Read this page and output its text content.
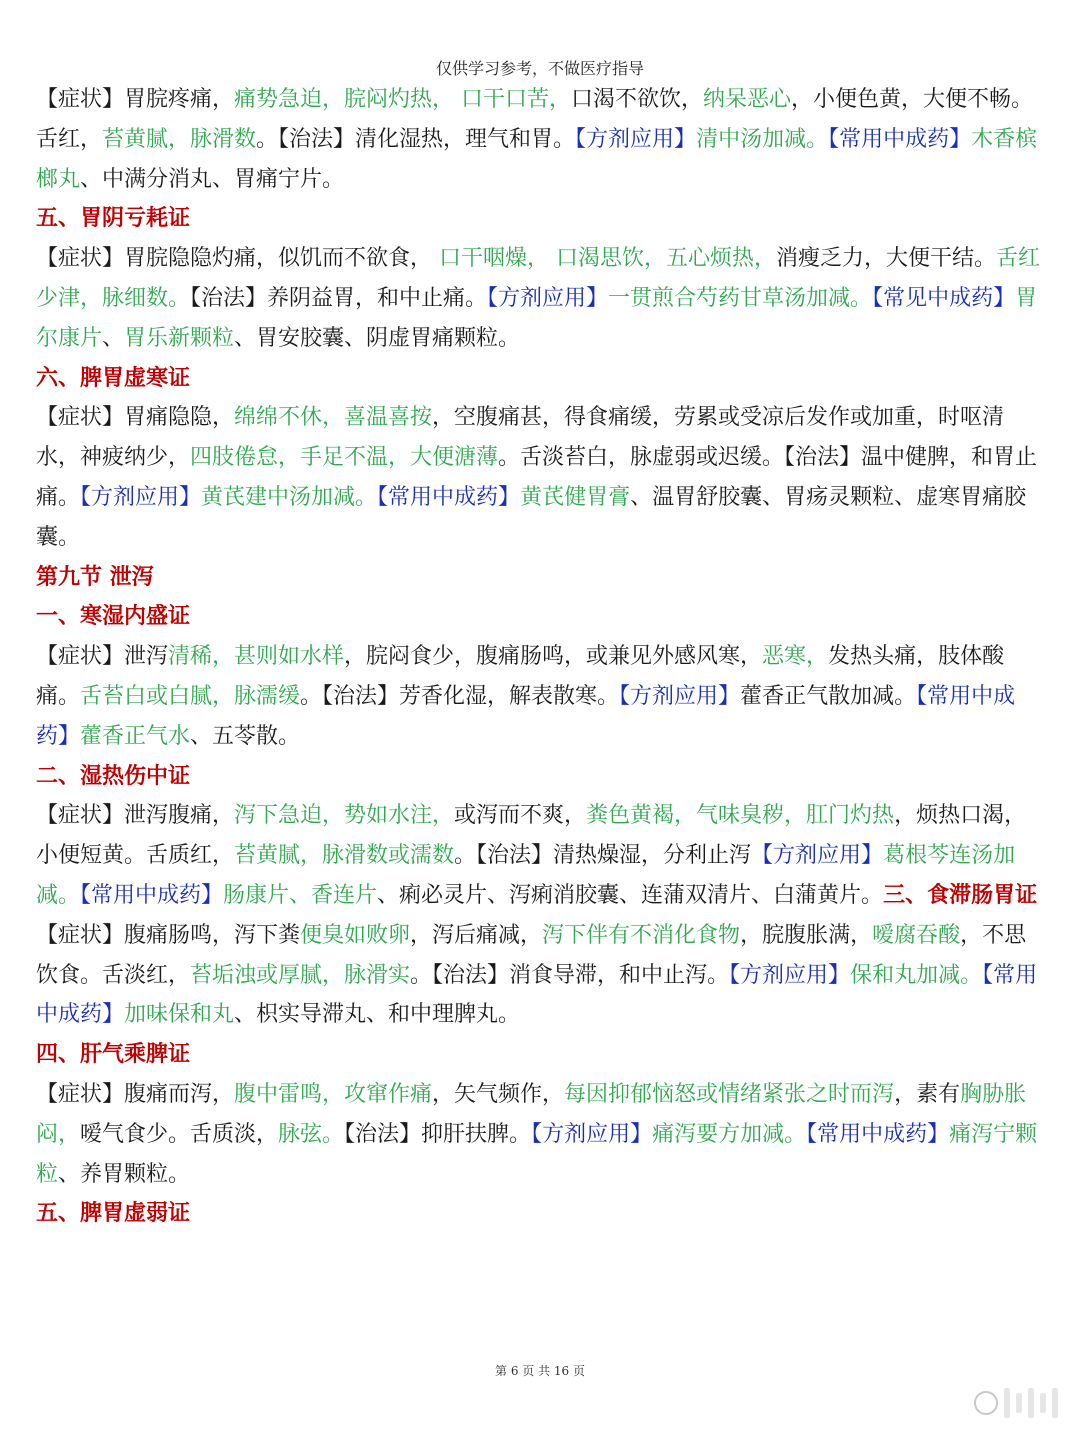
仅供学习参考，不做医疗指导

【症状】胃脘疼痛，痛势急迫，脘闷灼热， 口干口苦，口渴不欲饮，纳呆恶心，小便色黄，大便不畅。舌红，苔黄腻，脉滑数。【治法】清化湿热，理气和胃。【方剂应用】清中汤加减。【常用中成药】木香槟榔丸、中满分消丸、胃痛宁片。

五、胃阴亏耗证

【症状】胃脘隐隐灼痛，似饥而不欲食， 口干咽燥， 口渴思饮，五心烦热，消瘦乏力，大便干结。舌红少津，脉细数。【治法】养阴益胃，和中止痛。【方剂应用】一贯煎合芍药甘草汤加减。【常见中成药】胃尔康片、胃乐新颗粒、胃安胶囊、阴虚胃痛颗粒。

六、脾胃虚寒证

【症状】胃痛隐隐，绵绵不休，喜温喜按，空腹痛甚，得食痛缓，劳累或受凉后发作或加重，时呕清水，神疲纳少，四肢倦怠，手足不温，大便溏薄。舌淡苔白，脉虚弱或迟缓。【治法】温中健脾，和胃止痛。【方剂应用】黄芪建中汤加减。【常用中成药】黄芪健胃膏、温胃舒胶囊、胃疡灵颗粒、虚寒胃痛胶囊。

第九节 泄泻

一、寒湿内盛证

【症状】泄泻清稀，甚则如水样，脘闷食少，腹痛肠鸣，或兼见外感风寒，恶寒，发热头痛，肢体酸痛。舌苔白或白腻，脉濡缓。【治法】芳香化湿，解表散寒。【方剂应用】藿香正气散加减。【常用中成药】藿香正气水、五苓散。

二、湿热伤中证

【症状】泄泻腹痛，泻下急迫，势如水注，或泻而不爽，粪色黄褐，气味臭秽，肛门灼热，烦热口渴，小便短黄。舌质红，苔黄腻，脉滑数或濡数。【治法】清热燥湿，分利止泻【方剂应用】葛根芩连汤加减。【常用中成药】肠康片、香连片、痢必灵片、泻痢消胶囊、连蒲双清片、白蒲黄片。三、食滞肠胃证

【症状】腹痛肠鸣，泻下粪便臭如败卵，泻后痛减，泻下伴有不消化食物，脘腹胀满，嗳腐吞酸，不思饮食。舌淡红，苔垢浊或厚腻，脉滑实。【治法】消食导滞，和中止泻。【方剂应用】保和丸加减。【常用中成药】加味保和丸、枳实导滞丸、和中理脾丸。

四、肝气乘脾证

【症状】腹痛而泻，腹中雷鸣，攻窜作痛，矢气频作，每因抑郁恼怒或情绪紧张之时而泻，素有胸胁胀闷，嗳气食少。舌质淡，脉弦。【治法】抑肝扶脾。【方剂应用】痛泻要方加减。【常用中成药】痛泻宁颗粒、养胃颗粒。

五、脾胃虚弱证

第 6 页 共 16 页
